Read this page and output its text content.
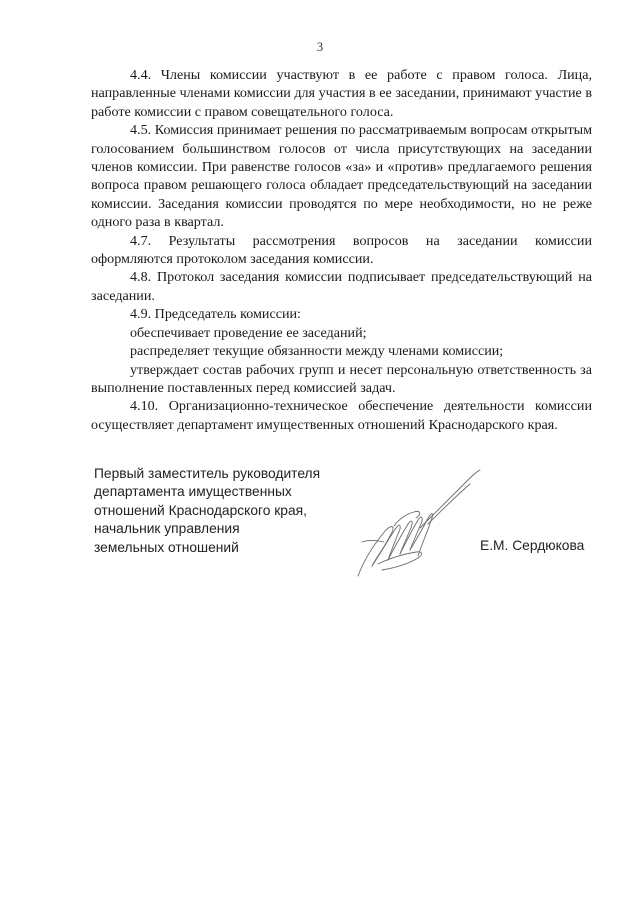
3

4.4. Члены комиссии участвуют в ее работе с правом голоса. Лица, направленные членами комиссии для участия в ее заседании, принимают участие в работе комиссии с правом совещательного голоса.

4.5. Комиссия принимает решения по рассматриваемым вопросам открытым голосованием большинством голосов от числа присутствующих на заседании членов комиссии. При равенстве голосов «за» и «против» предлагаемого решения вопроса правом решающего голоса обладает председательствующий на заседании комиссии. Заседания комиссии проводятся по мере необходимости, но не реже одного раза в квартал.

4.7. Результаты рассмотрения вопросов на заседании комиссии оформляются протоколом заседания комиссии.

4.8. Протокол заседания комиссии подписывает председательствующий на заседании.

4.9. Председатель комиссии:

обеспечивает проведение ее заседаний;

распределяет текущие обязанности между членами комиссии;

утверждает состав рабочих групп и несет персональную ответственность за выполнение поставленных перед комиссией задач.

4.10. Организационно-техническое обеспечение деятельности комиссии осуществляет департамент имущественных отношений Краснодарского края.

Первый заместитель руководителя
департамента имущественных
отношений Краснодарского края,
начальник управления
земельных отношений	Е.М. Сердюкова
